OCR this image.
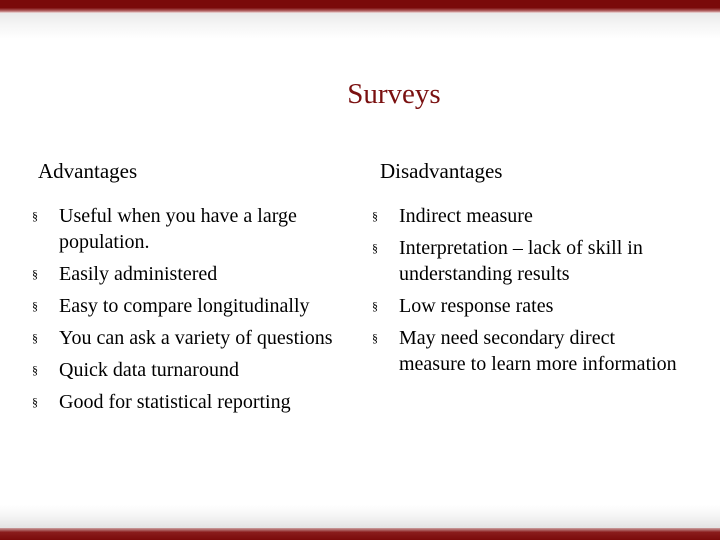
Surveys
Advantages	Disadvantages
§ Useful when you have a large population.
§ Easily administered
§ Easy to compare longitudinally
§ You can ask a variety of questions
§ Quick data turnaround
§ Good for statistical reporting
§ Indirect measure
§ Interpretation – lack of skill in understanding results
§ Low response rates
§ May need secondary direct measure to learn more information
